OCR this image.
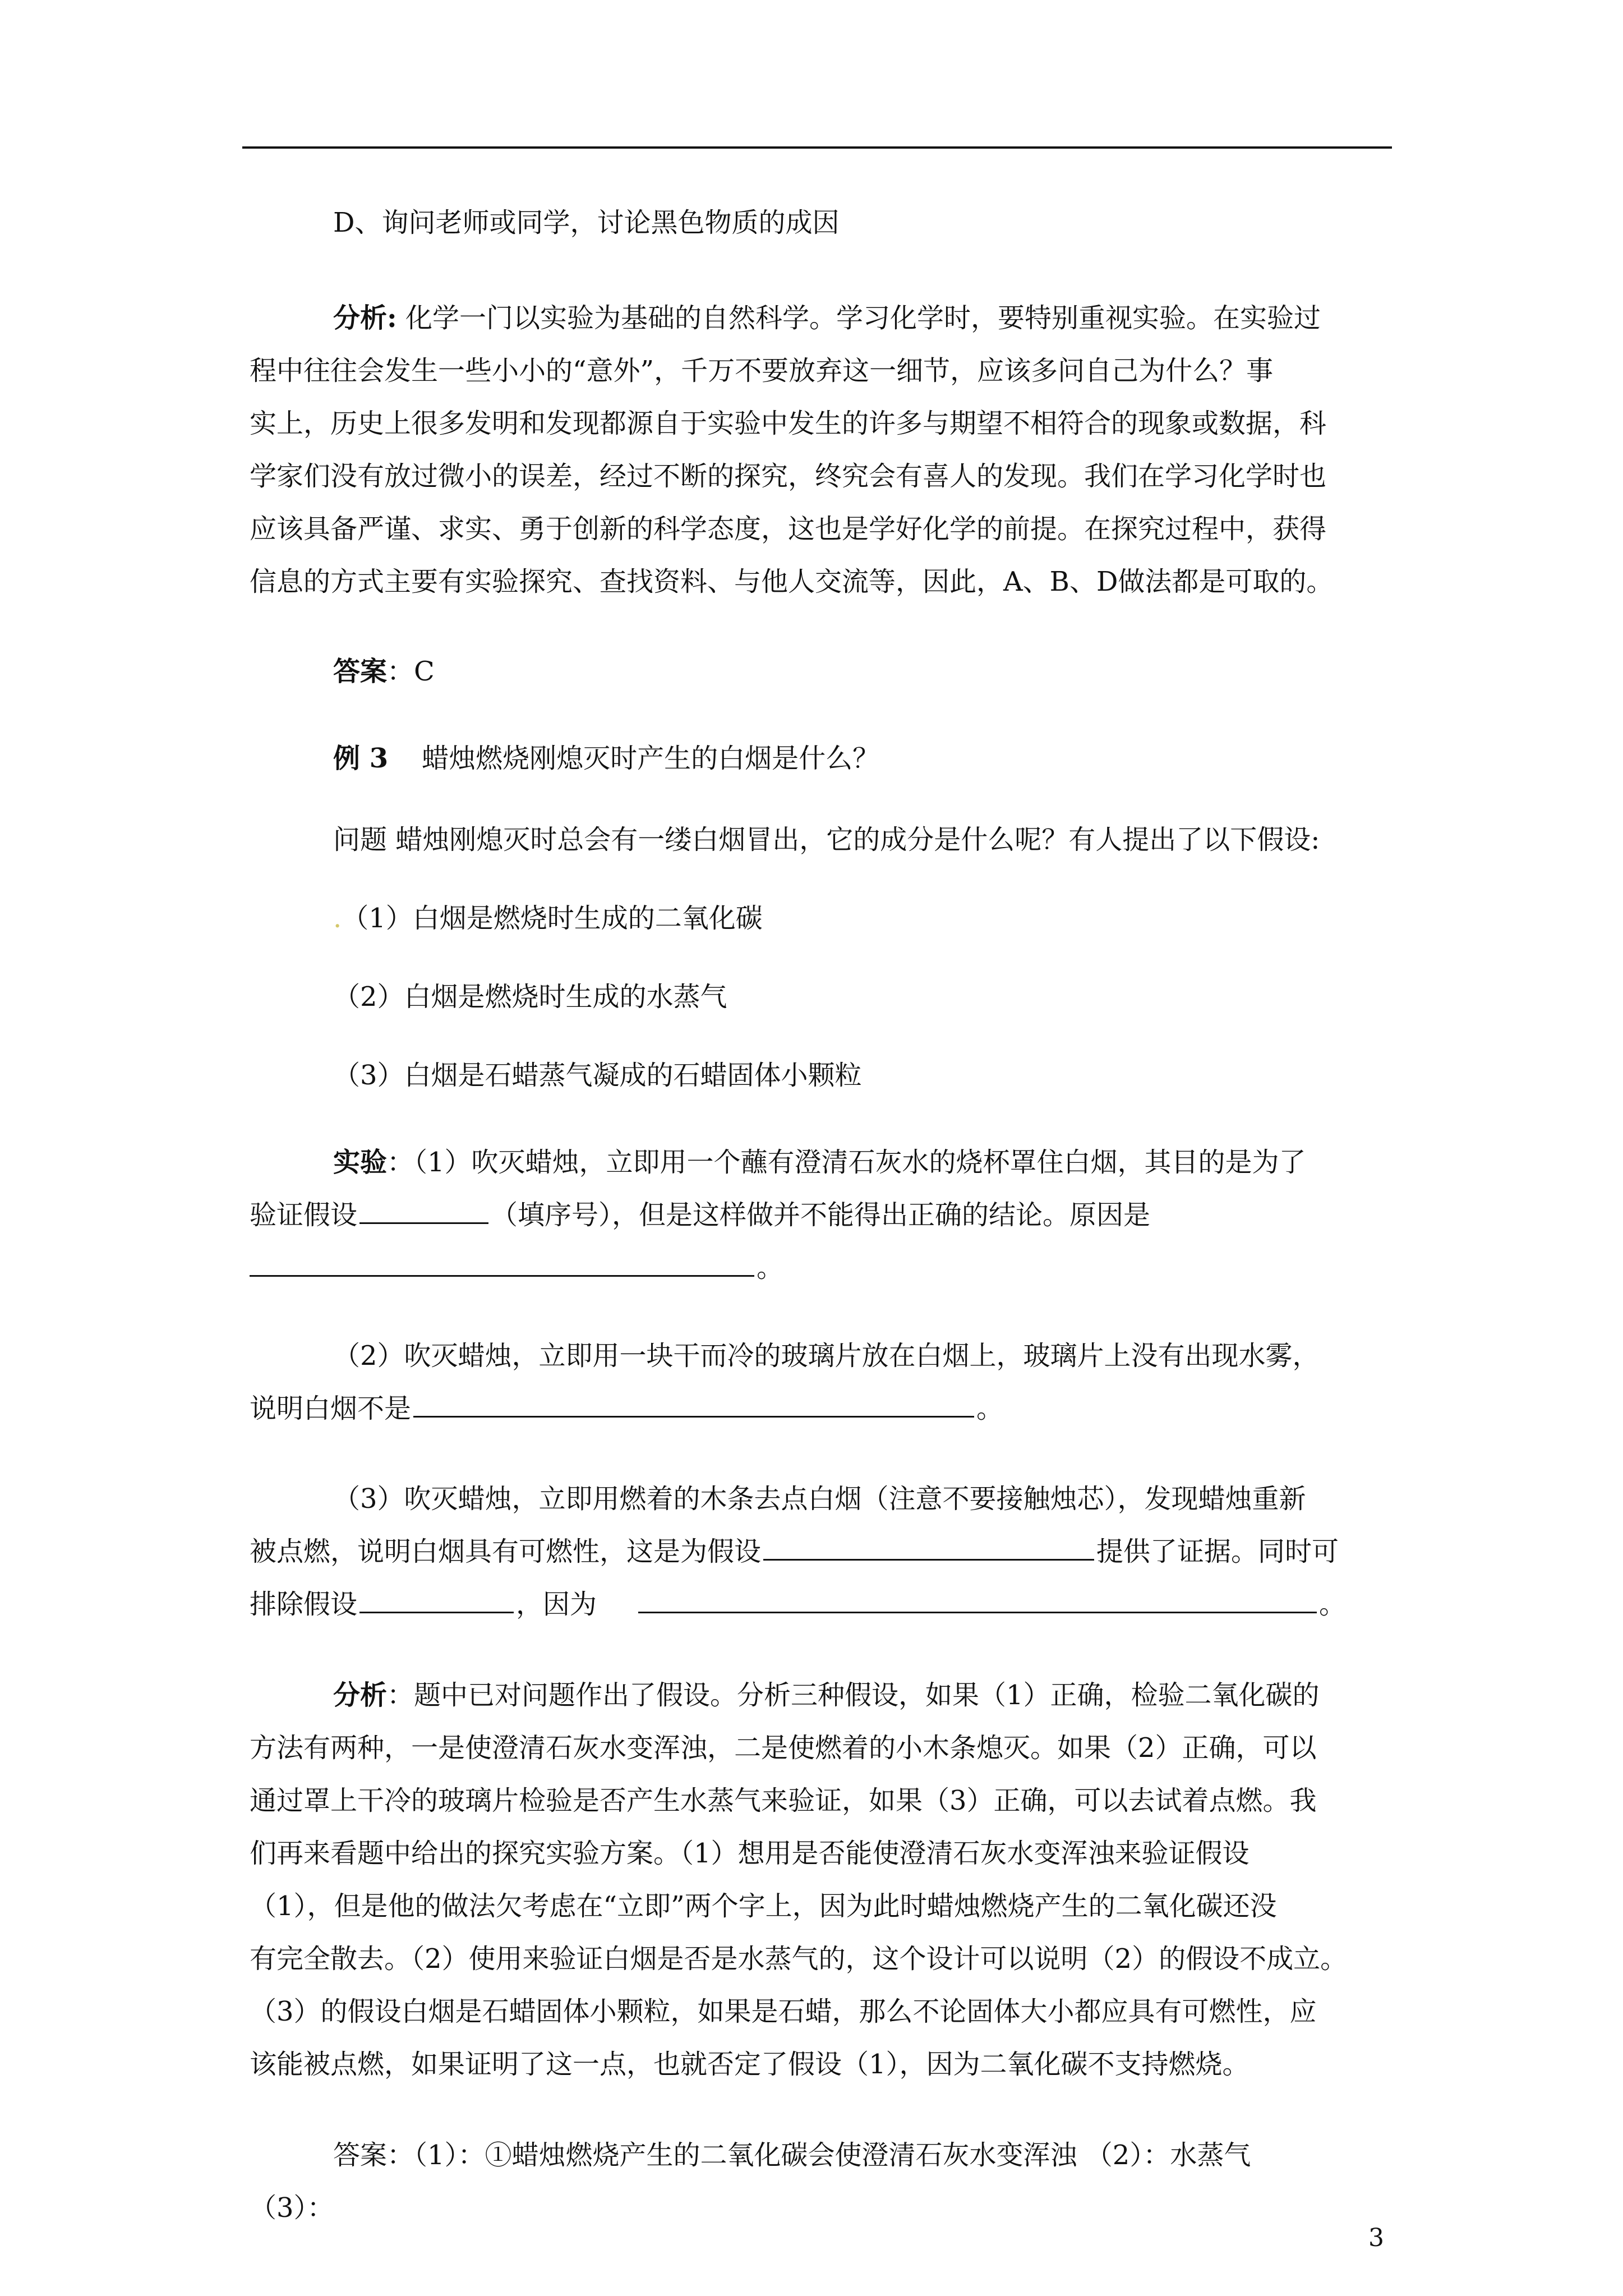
D、询问老师或同学，讨论黑色物质的成因

分析: 化学一门以实验为基础的自然科学。学习化学时，要特别重视实验。在实验过

程中往往会发生一些小小的“意外”，千万不要放弃这一细节，应该多问自己为什么？事

实上，历史上很多发明和发现都源自于实验中发生的许多与期望不相符合的现象或数据，科

学家们没有放过微小的误差，经过不断的探究，终究会有喜人的发现。我们在学习化学时也

应该具备严谨、求实、勇于创新的科学态度，这也是学好化学的前提。在探究过程中，获得

信息的方式主要有实验探究、查找资料、与他人交流等，因此，A、B、D做法都是可取的。

答案：C

例 3 蜡烛燃烧刚熄灭时产生的白烟是什么？

问题 蜡烛刚熄灭时总会有一缕白烟冒出，它的成分是什么呢？有人提出了以下假设:

.（1）白烟是燃烧时生成的二氧化碳

（2）白烟是燃烧时生成的水蒸气

（3）白烟是石蜡蒸气凝成的石蜡固体小颗粒

实验：（1）吹灭蜡烛，立即用一个蘸有澄清石灰水的烧杯罩住白烟，其目的是为了

验证假设	（填序号），但是这样做并不能得出正确的结论。原因是

。

（2）吹灭蜡烛，立即用一块干而冷的玻璃片放在白烟上，玻璃片上没有出现水雾，

说明白烟不是	。

（3）吹灭蜡烛，立即用燃着的木条去点白烟（注意不要接触烛芯），发现蜡烛重新

被点燃，说明白烟具有可燃性，这是为假设	提供了证据。同时可

排除假设	，因为	。

分析：题中已对问题作出了假设。分析三种假设，如果（1）正确，检验二氧化碳的

方法有两种，一是使澄清石灰水变浑浊，二是使燃着的小木条熄灭。如果（2）正确，可以

通过罩上干冷的玻璃片检验是否产生水蒸气来验证，如果（3）正确，可以去试着点燃。我

们再来看题中给出的探究实验方案。（1）想用是否能使澄清石灰水变浑浊来验证假设

（1），但是他的做法欠考虑在“立即”两个字上，因为此时蜡烛燃烧产生的二氧化碳还没

有完全散去。（2）使用来验证白烟是否是水蒸气的，这个设计可以说明（2）的假设不成立。

（3）的假设白烟是石蜡固体小颗粒，如果是石蜡，那么不论固体大小都应具有可燃性，应

该能被点燃，如果证明了这一点，也就否定了假设（1），因为二氧化碳不支持燃烧。

答案：（1）：①蜡烛燃烧产生的二氧化碳会使澄清石灰水变浑浊 （2）：水蒸气

（3）：

3
